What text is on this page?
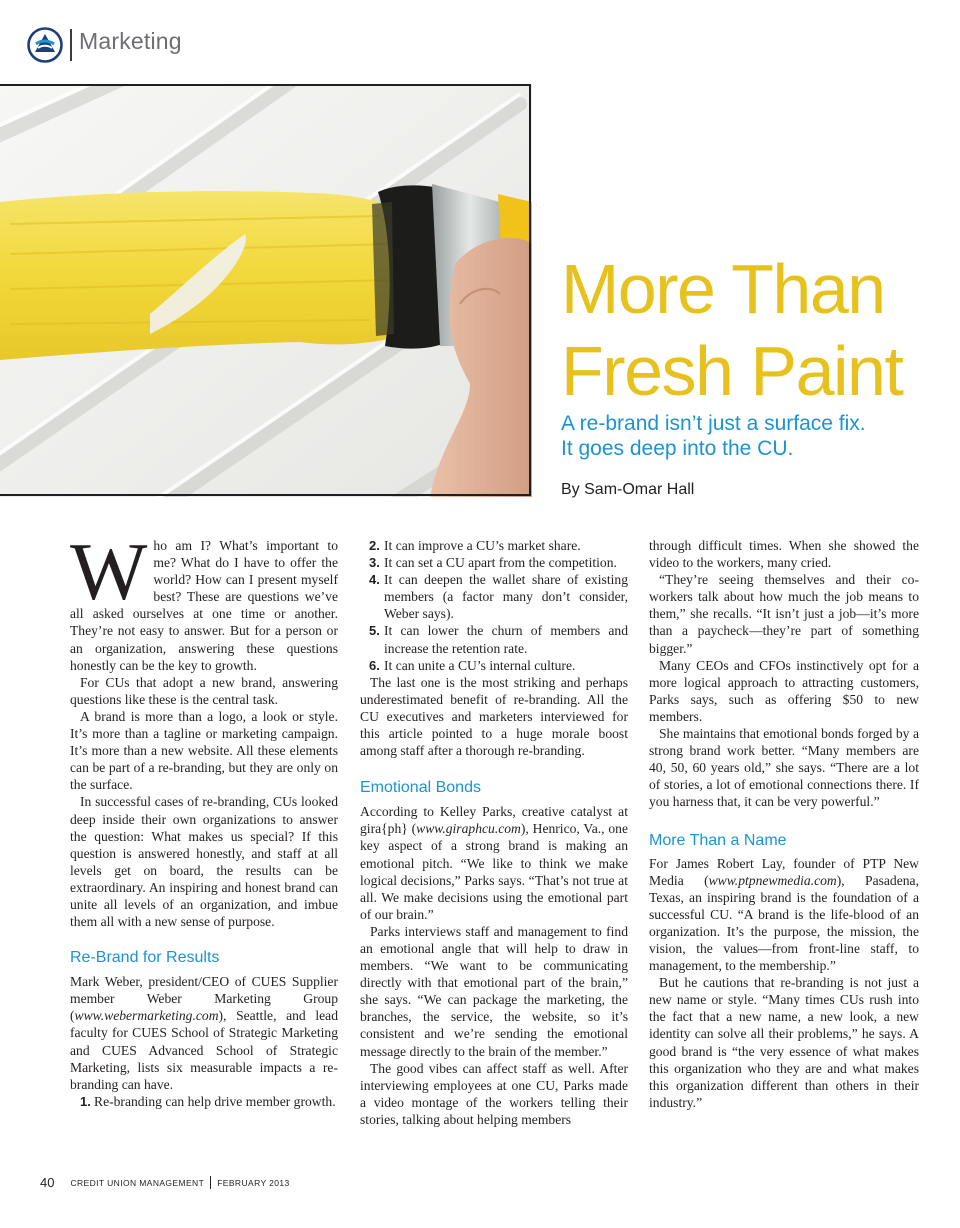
Marketing
More Than
Fresh Paint
A re-brand isn’t just a surface fix.
It goes deep into the CU.
By Sam-Omar Hall

Who am I? What’s important to me? What do I have to offer the world? How can I present myself best? These are questions we’ve all asked ourselves at one time or another. They’re not easy to answer. But for a person or an organization, answering these questions honestly can be the key to growth.

For CUs that adopt a new brand, answering questions like these is the central task.

A brand is more than a logo, a look or style. It’s more than a tagline or marketing campaign. It’s more than a new website. All these elements can be part of a re-branding, but they are only on the surface.

In successful cases of re-branding, CUs looked deep inside their own organizations to answer the question: What makes us special? If this question is answered honestly, and staff at all levels get on board, the results can be extraordinary. An inspiring and honest brand can unite all levels of an organization, and imbue them all with a new sense of purpose.

Re-Brand for Results

Mark Weber, president/CEO of CUES Supplier member Weber Marketing Group (www.webermarketing.com), Seattle, and lead faculty for CUES School of Strategic Marketing and CUES Advanced School of Strategic Marketing, lists six measurable impacts a re-branding can have.

1. Re-branding can help drive member growth.
2. It can improve a CU’s market share.
3. It can set a CU apart from the competition.
4. It can deepen the wallet share of existing members (a factor many don’t consider, Weber says).
5. It can lower the churn of members and increase the retention rate.
6. It can unite a CU’s internal culture.

The last one is the most striking and perhaps underestimated benefit of re-branding. All the CU executives and marketers interviewed for this article pointed to a huge morale boost among staff after a thorough re-branding.

Emotional Bonds

According to Kelley Parks, creative catalyst at gira{ph} (www.giraphcu.com), Henrico, Va., one key aspect of a strong brand is making an emotional pitch. “We like to think we make logical decisions,” Parks says. “That’s not true at all. We make decisions using the emotional part of our brain.”

Parks interviews staff and management to find an emotional angle that will help to draw in members. “We want to be communicating directly with that emotional part of the brain,” she says. “We can package the marketing, the branches, the service, the website, so it’s consistent and we’re sending the emotional message directly to the brain of the member.”

The good vibes can affect staff as well. After interviewing employees at one CU, Parks made a video montage of the workers telling their stories, talking about helping members

through difficult times. When she showed the video to the workers, many cried.

“They’re seeing themselves and their co-workers talk about how much the job means to them,” she recalls. “It isn’t just a job—it’s more than a paycheck—they’re part of something bigger.”

Many CEOs and CFOs instinctively opt for a more logical approach to attracting customers, Parks says, such as offering $50 to new members.

She maintains that emotional bonds forged by a strong brand work better. “Many members are 40, 50, 60 years old,” she says. “There are a lot of stories, a lot of emotional connections there. If you harness that, it can be very powerful.”

More Than a Name

For James Robert Lay, founder of PTP New Media (www.ptpnewmedia.com), Pasadena, Texas, an inspiring brand is the foundation of a successful CU. “A brand is the life-blood of an organization. It’s the purpose, the mission, the vision, the values—from front-line staff, to management, to the membership.”

But he cautions that re-branding is not just a new name or style. “Many times CUs rush into the fact that a new name, a new look, a new identity can solve all their problems,” he says. A good brand is “the very essence of what makes this organization who they are and what makes this organization different than others in their industry.”

40 CREDIT UNION MANAGEMENT FEBRUARY 2013
